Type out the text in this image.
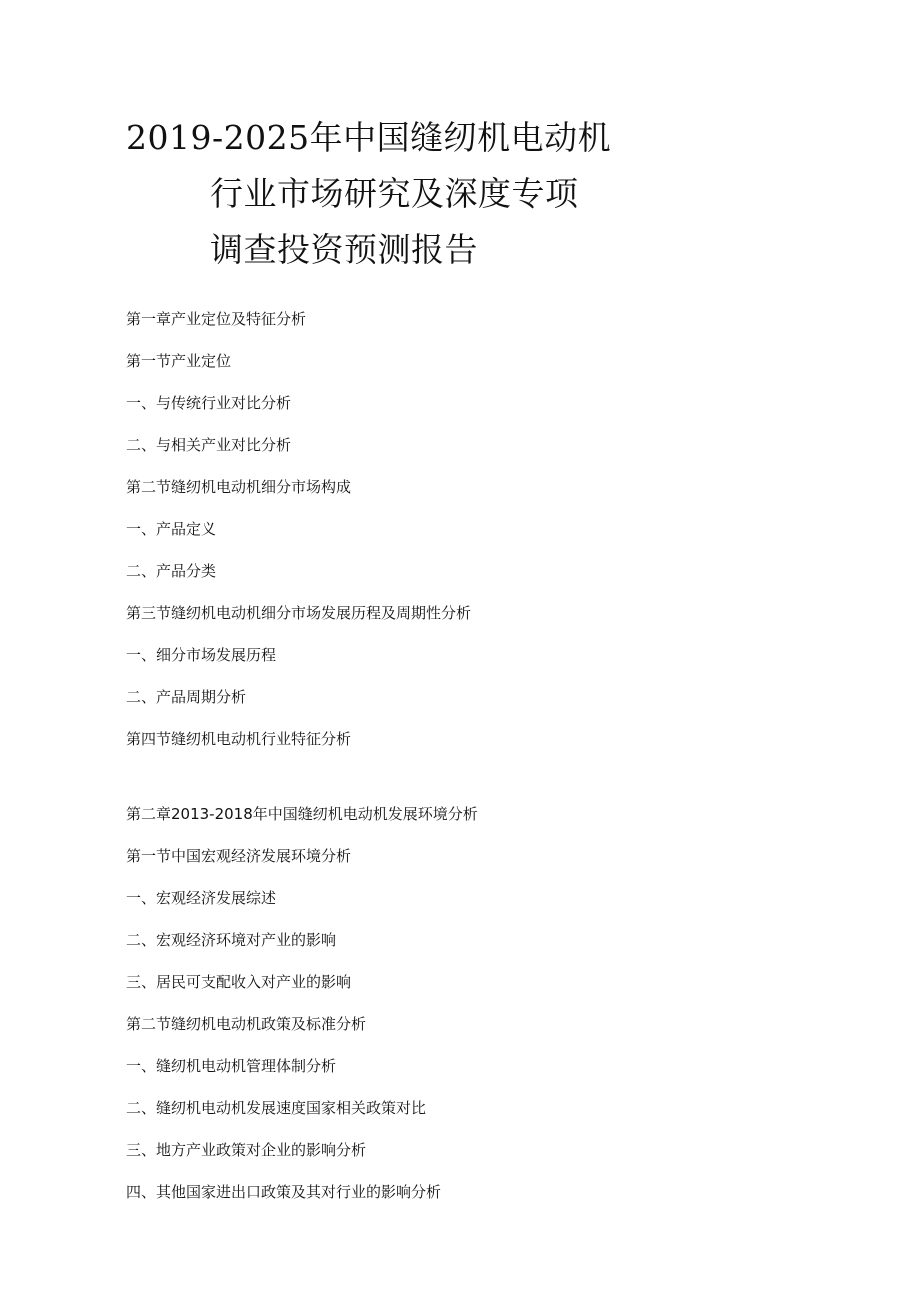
2019-2025年中国缝纫机电动机
行业市场研究及深度专项
调查投资预测报告
第一章产业定位及特征分析
第一节产业定位
一、与传统行业对比分析
二、与相关产业对比分析
第二节缝纫机电动机细分市场构成
一、产品定义
二、产品分类
第三节缝纫机电动机细分市场发展历程及周期性分析
一、细分市场发展历程
二、产品周期分析
第四节缝纫机电动机行业特征分析
第二章2013-2018年中国缝纫机电动机发展环境分析
第一节中国宏观经济发展环境分析
一、宏观经济发展综述
二、宏观经济环境对产业的影响
三、居民可支配收入对产业的影响
第二节缝纫机电动机政策及标准分析
一、缝纫机电动机管理体制分析
二、缝纫机电动机发展速度国家相关政策对比
三、地方产业政策对企业的影响分析
四、其他国家进出口政策及其对行业的影响分析
